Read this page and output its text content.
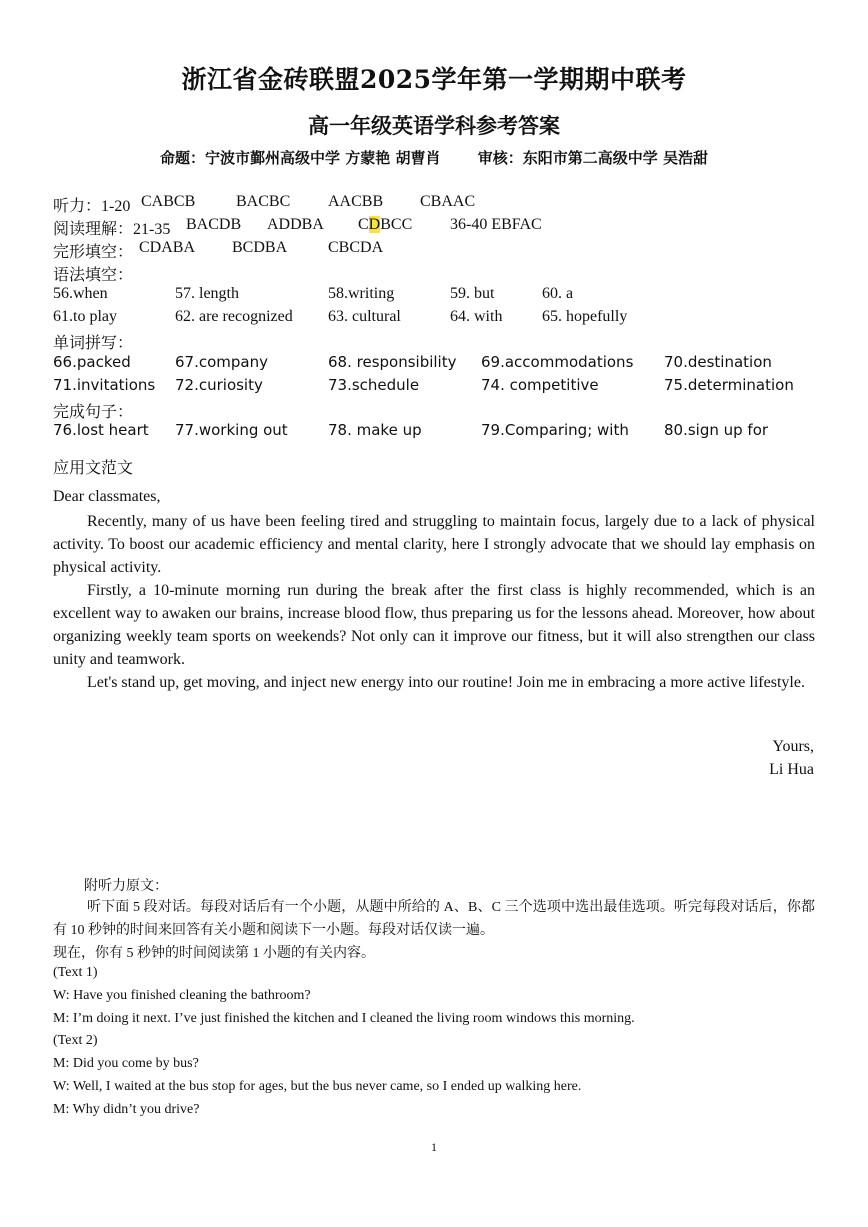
浙江省金砖联盟2025学年第一学期期中联考
高一年级英语学科参考答案
命题：宁波市鄞州高级中学 方蒙艳 胡曹肖 审核：东阳市第二高级中学 吴浩甜
听力：1-20 CABCB	BACBC AACBB CBAAC
阅读理解：21-35 BACDB ADDBA CDBCC 36-40 EBFAC
完形填空： CDABA BCDBA	CBCDA
语法填空：
56.when	57. length	58.writing	59. but	60. a
61.to play	62. are recognized 63. cultural	64. with 65. hopefully
单词拼写：
66.packed	67.company	68. responsibility 69.accommodations 70.destination
71.invitations 72.curiosity	73.schedule	74. competitive	75.determination
完成句子：
76.lost heart 77.working out	78. make up	79.Comparing; with 80.sign up for
应用文范文
Dear classmates,
Recently, many of us have been feeling tired and struggling to maintain focus, largely due to a lack of physical activity. To boost our academic efficiency and mental clarity, here I strongly advocate that we should lay emphasis on physical activity.
Firstly, a 10-minute morning run during the break after the first class is highly recommended, which is an excellent way to awaken our brains, increase blood flow, thus preparing us for the lessons ahead. Moreover, how about organizing weekly team sports on weekends? Not only can it improve our fitness, but it will also strengthen our class unity and teamwork.
Let's stand up, get moving, and inject new energy into our routine! Join me in embracing a more active lifestyle.
Yours,
Li Hua
附听力原文：
听下面 5 段对话。每段对话后有一个小题，从题中所给的 A、B、C 三个选项中选出最佳选项。听完每段对话后，你都有 10 秒钟的时间来回答有关小题和阅读下一小题。每段对话仅读一遍。
现在，你有 5 秒钟的时间阅读第 1 小题的有关内容。
(Text 1)
W: Have you finished cleaning the bathroom?
M: I’m doing it next. I’ve just finished the kitchen and I cleaned the living room windows this morning.
(Text 2)
M: Did you come by bus?
W: Well, I waited at the bus stop for ages, but the bus never came, so I ended up walking here.
M: Why didn’t you drive?
1
